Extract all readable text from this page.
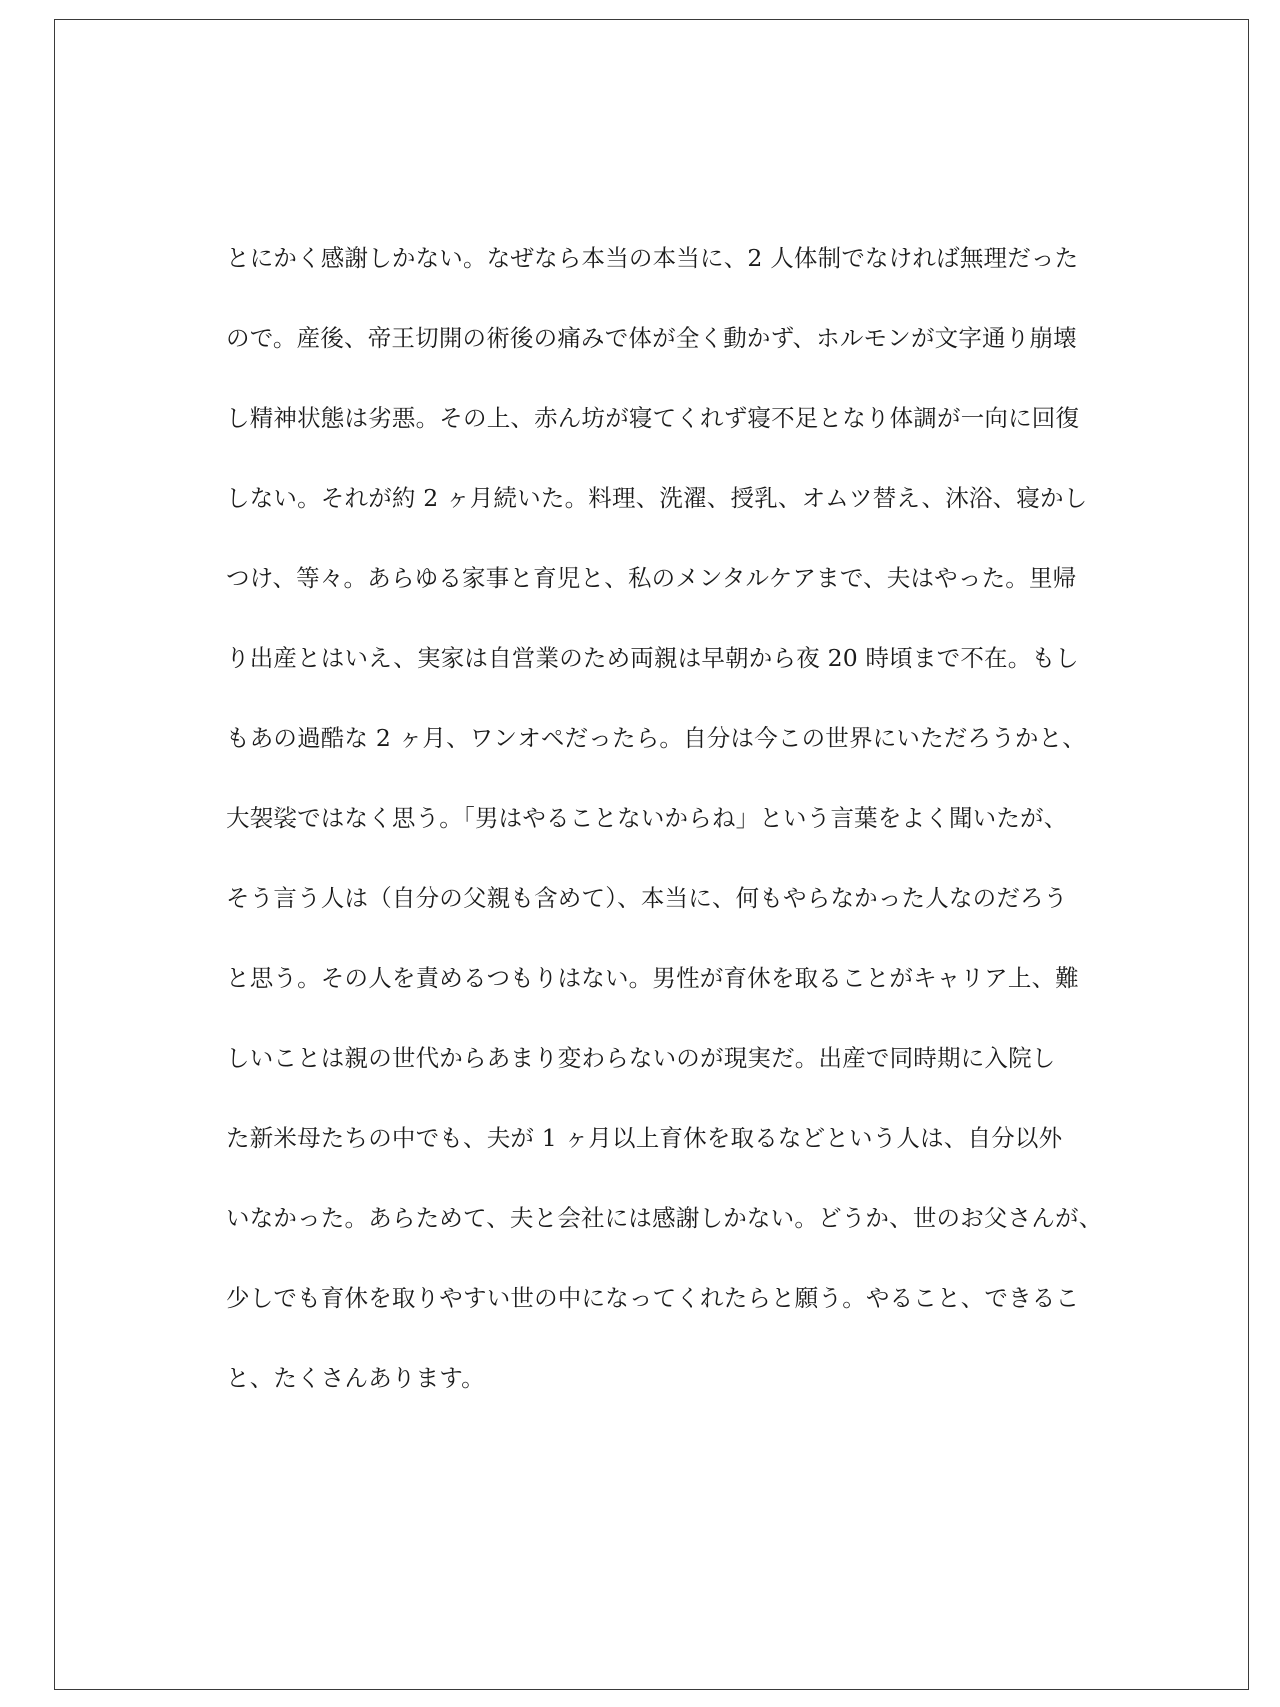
とにかく感謝しかない。なぜなら本当の本当に、2 人体制でなければ無理だった
ので。産後、帝王切開の術後の痛みで体が全く動かず、ホルモンが文字通り崩壊
し精神状態は劣悪。その上、赤ん坊が寝てくれず寝不足となり体調が一向に回復
しない。それが約 2 ヶ月続いた。料理、洗濯、授乳、オムツ替え、沐浴、寝かし
つけ、等々。あらゆる家事と育児と、私のメンタルケアまで、夫はやった。里帰
り出産とはいえ、実家は自営業のため両親は早朝から夜 20 時頃まで不在。もし
もあの過酷な 2 ヶ月、ワンオペだったら。自分は今この世界にいただろうかと、
大袈裟ではなく思う。「男はやることないからね」という言葉をよく聞いたが、
そう言う人は（自分の父親も含めて）、本当に、何もやらなかった人なのだろう
と思う。その人を責めるつもりはない。男性が育休を取ることがキャリア上、難
しいことは親の世代からあまり変わらないのが現実だ。出産で同時期に入院し
た新米母たちの中でも、夫が 1 ヶ月以上育休を取るなどという人は、自分以外
いなかった。あらためて、夫と会社には感謝しかない。どうか、世のお父さんが、
少しでも育休を取りやすい世の中になってくれたらと願う。やること、できるこ
と、たくさんあります。
